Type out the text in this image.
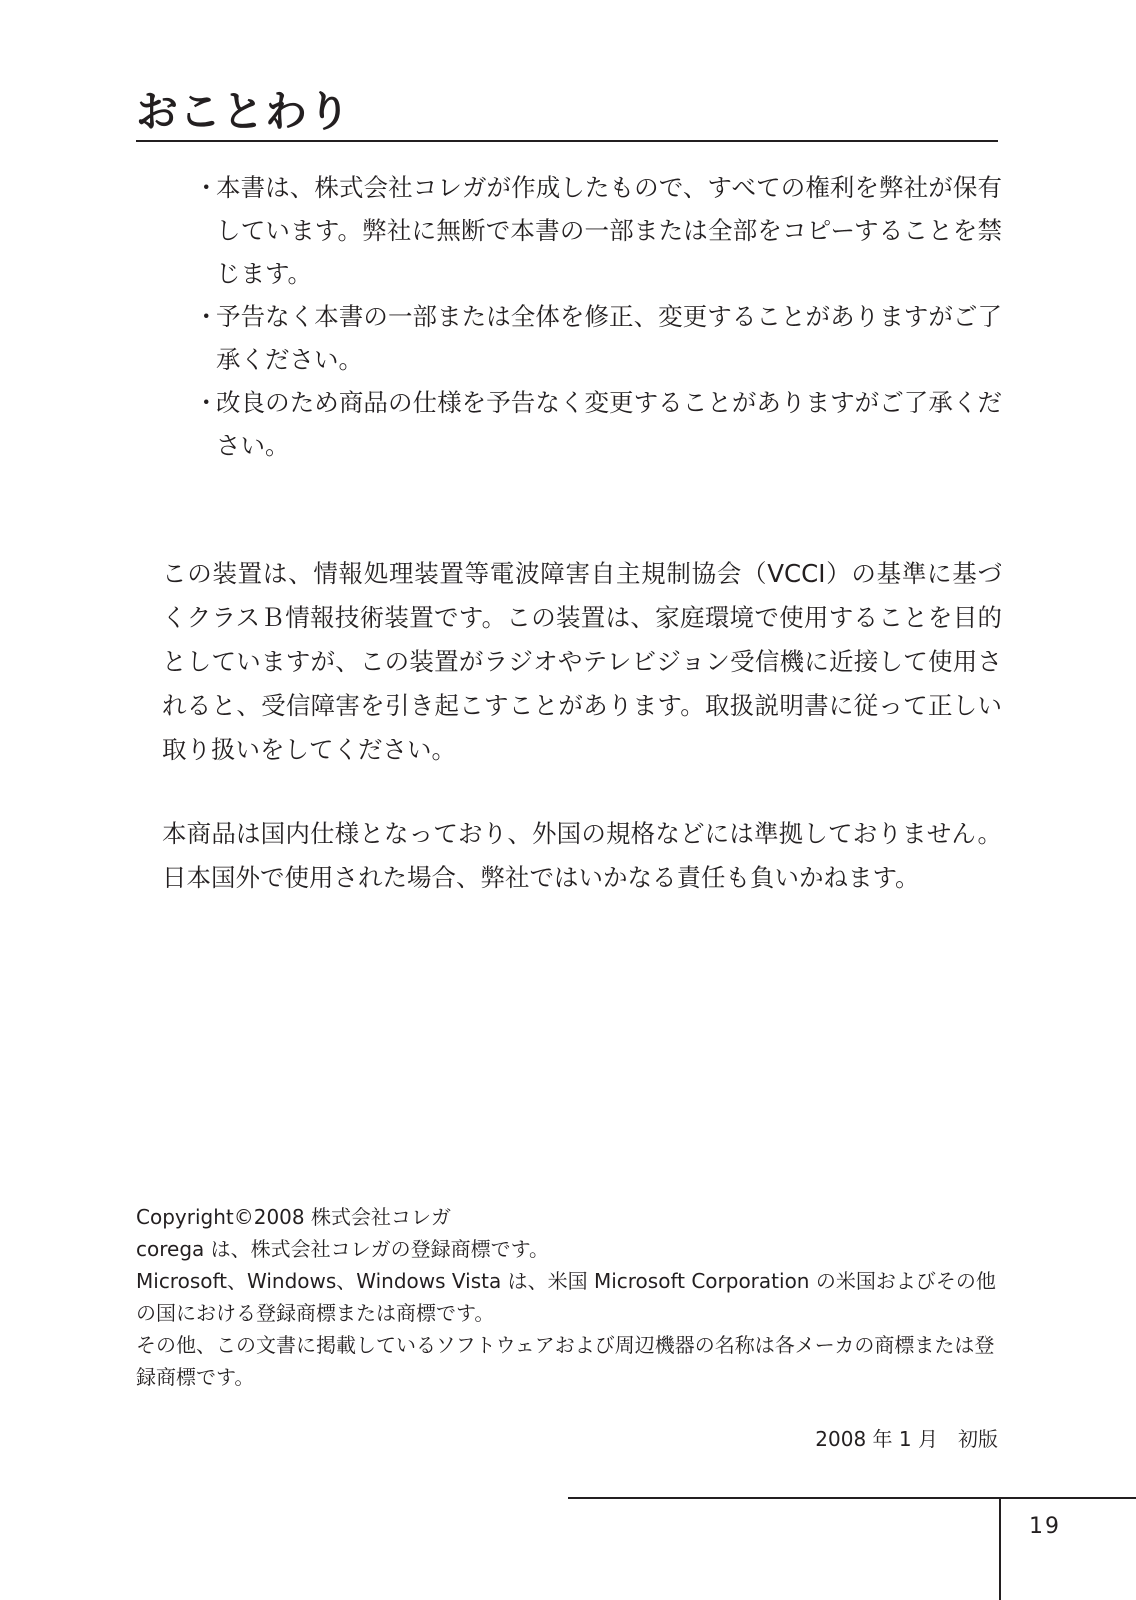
おことわり
・
本書は、株式会社コレガが作成したもので、すべての権利を弊社が保有しています。弊社に無断で本書の一部または全部をコピーすることを禁じます。
・
予告なく本書の一部または全体を修正、変更することがありますがご了承ください。
・
改良のため商品の仕様を予告なく変更することがありますがご了承ください。

この装置は、情報処理装置等電波障害自主規制協会（VCCI）の基準に基づくクラスＢ情報技術装置です。この装置は、家庭環境で使用することを目的としていますが、この装置がラジオやテレビジョン受信機に近接して使用されると、受信障害を引き起こすことがあります。取扱説明書に従って正しい取り扱いをしてください。

本商品は国内仕様となっており、外国の規格などには準拠しておりません。日本国外で使用された場合、弊社ではいかなる責任も負いかねます。

Copyright©2008 株式会社コレガ

corega は、株式会社コレガの登録商標です。

Microsoft、Windows、Windows Vista は、米国 Microsoft Corporation の米国およびその他の国における登録商標または商標です。

その他、この文書に掲載しているソフトウェアおよび周辺機器の名称は各メーカの商標または登録商標です。

2008 年 1 月　初版

19
